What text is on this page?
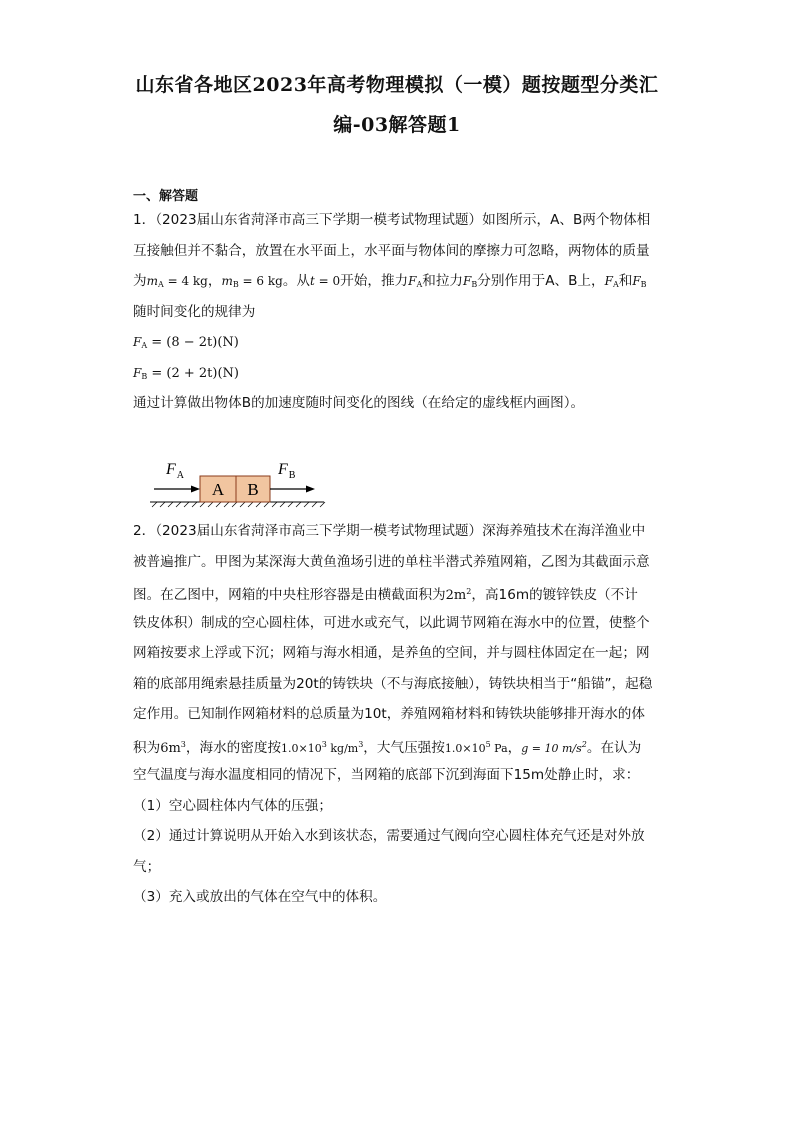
山东省各地区2023年高考物理模拟（一模）题按题型分类汇
编-03解答题1
一、解答题
1．（2023届山东省菏泽市高三下学期一模考试物理试题）如图所示，A、B两个物体相
互接触但并不黏合，放置在水平面上，水平面与物体间的摩擦力可忽略，两物体的质量
为$m_A = 4$ kg，$m_B = 6$ kg。从t = 0开始，推力$F_A$和拉力$F_B$分别作用于A、B上，$F_A$和$F_B$
随时间变化的规律为
$F_A = (8 - 2t)(N)$
$F_B = (2 + 2t)(N)$
通过计算做出物体B的加速度随时间变化的图线（在给定的虚线框内画图）。
A B
$F_A$	$F_B$
2．（2023届山东省菏泽市高三下学期一模考试物理试题）深海养殖技术在海洋渔业中
被普遍推广。甲图为某深海大黄鱼渔场引进的单柱半潜式养殖网箱，乙图为其截面示意
图。在乙图中，网箱的中央柱形容器是由横截面积为$2m^2$，高16m的镀锌铁皮（不计
铁皮体积）制成的空心圆柱体，可进水或充气，以此调节网箱在海水中的位置，使整个
网箱按要求上浮或下沉；网箱与海水相通，是养鱼的空间，并与圆柱体固定在一起；网
箱的底部用绳索悬挂质量为20t的铸铁块（不与海底接触），铸铁块相当于“船锚”，起稳
定作用。已知制作网箱材料的总质量为10t，养殖网箱材料和铸铁块能够排开海水的体
积为$6m^3$，海水的密度按$1.0\times 10^3$ $kg/m^3$，大气压强按$1.0\times 10^5$ Pa，g = 10 $m/s^2$。在认为
空气温度与海水温度相同的情况下，当网箱的底部下沉到海面下15m处静止时，求：
（1）空心圆柱体内气体的压强；
（2）通过计算说明从开始入水到该状态，需要通过气阀向空心圆柱体充气还是对外放
气；
（3）充入或放出的气体在空气中的体积。
